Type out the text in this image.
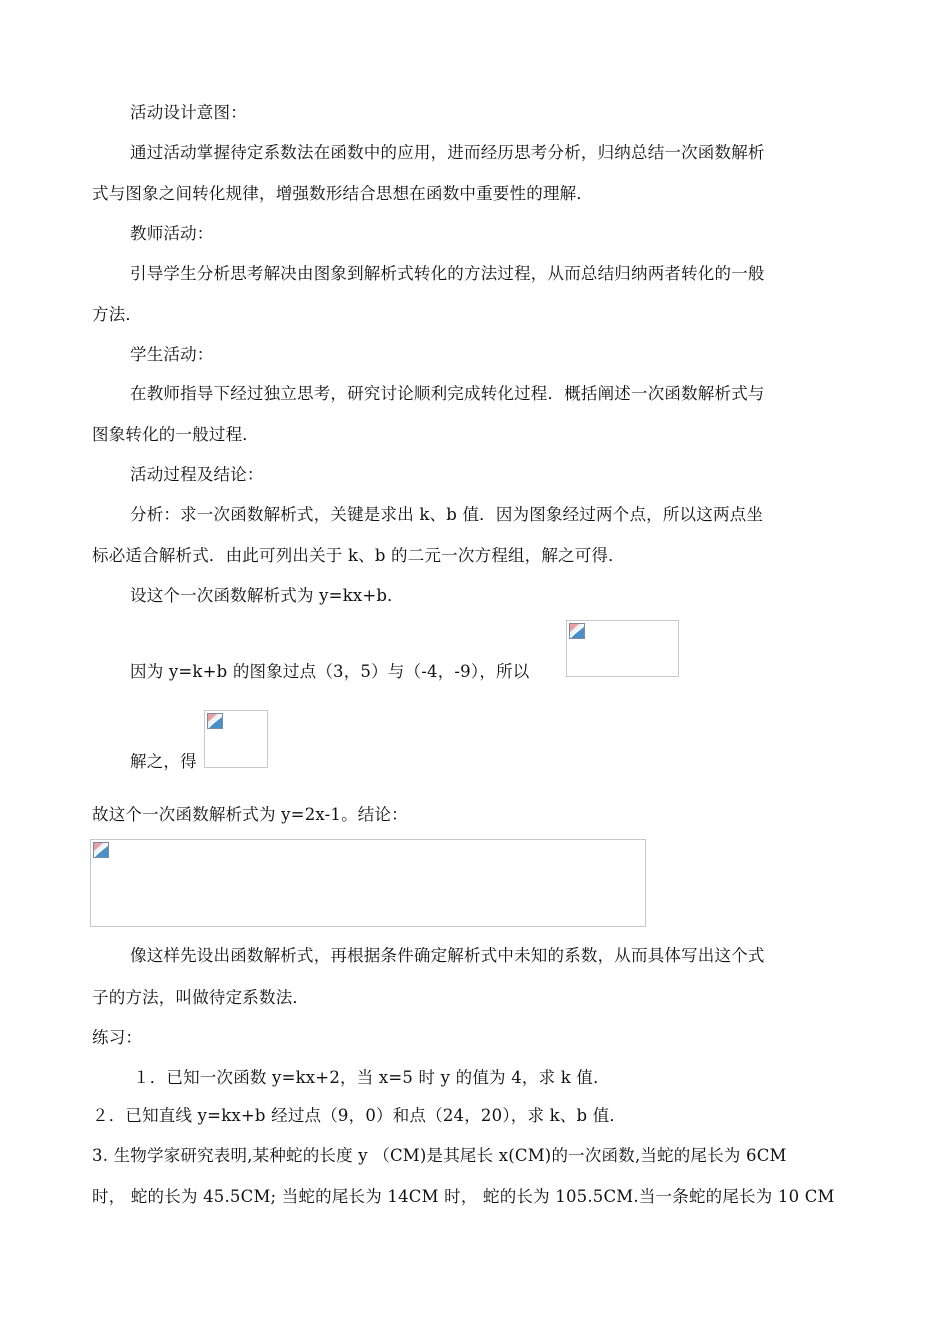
活动设计意图：
通过活动掌握待定系数法在函数中的应用，进而经历思考分析，归纳总结一次函数解析
式与图象之间转化规律，增强数形结合思想在函数中重要性的理解．
教师活动：
引导学生分析思考解决由图象到解析式转化的方法过程，从而总结归纳两者转化的一般
方法．
学生活动：
在教师指导下经过独立思考，研究讨论顺利完成转化过程．概括阐述一次函数解析式与
图象转化的一般过程．
活动过程及结论：
分析：求一次函数解析式，关键是求出 k、b 值．因为图象经过两个点，所以这两点坐
标必适合解析式．由此可列出关于 k、b 的二元一次方程组，解之可得．
设这个一次函数解析式为 y=kx+b．
因为 y=k+b 的图象过点（3，5）与（-4，-9），所以
解之，得
故这个一次函数解析式为 y=2x-1。结论：
像这样先设出函数解析式，再根据条件确定解析式中未知的系数，从而具体写出这个式
子的方法，叫做待定系数法．
练习：
１．已知一次函数 y=kx+2，当 x=5 时 y 的值为 4，求 k 值．
２．已知直线 y=kx+b 经过点（9，0）和点（24，20），求 k、b 值．
3. 生物学家研究表明,某种蛇的长度 y （CM)是其尾长 x(CM)的一次函数,当蛇的尾长为 6CM
时， 蛇的长为 45.5CM; 当蛇的尾长为 14CM 时， 蛇的长为 105.5CM.当一条蛇的尾长为 10 CM
